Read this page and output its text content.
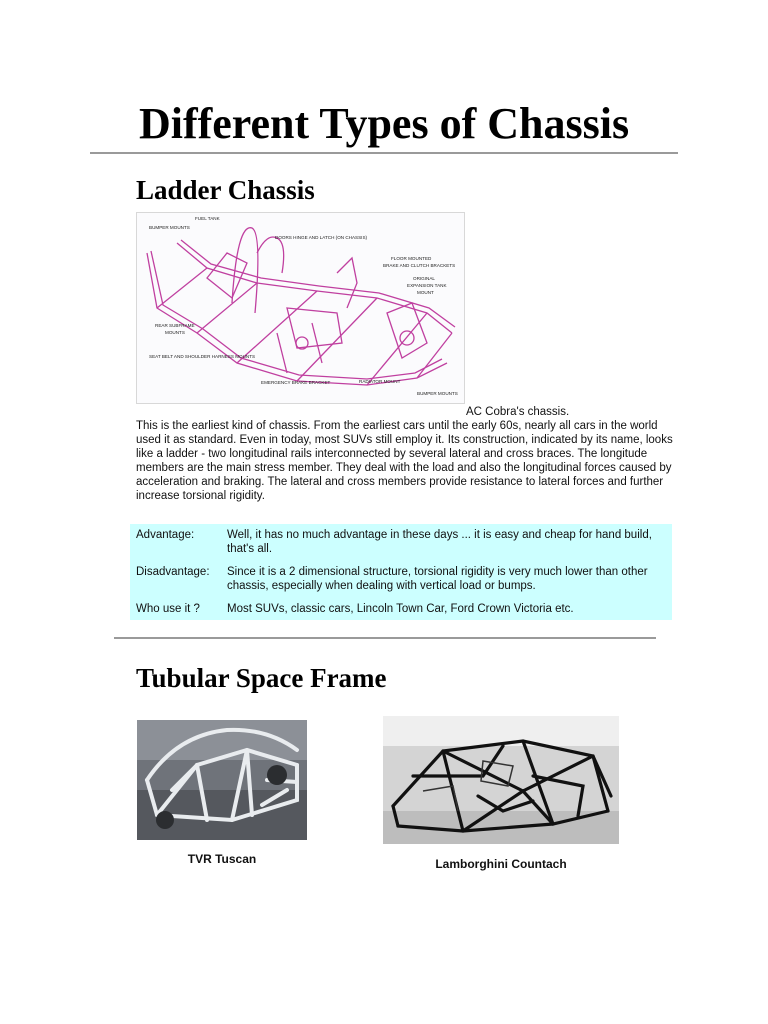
Different Types of Chassis
Ladder Chassis
FUEL TANK
BUMPER MOUNTS
DOORS HINGE AND LATCH (ON CHASSIS)
FLOOR MOUNTED
BRAKE AND CLUTCH BRACKETS
ORIGINAL
EXPANSION TANK
MOUNT
REAR SUBFRAME
MOUNTS
SEAT BELT AND SHOULDER HARNESS MOUNTS
EMERGENCY BRAKE BRACKET	RADIATOR MOUNT
BUMPER MOUNTS
AC Cobra's chassis.

This is the earliest kind of chassis. From the earliest cars until the early 60s, nearly all cars in the world used it as standard. Even in today, most SUVs still employ it. Its construction, indicated by its name, looks like a ladder - two longitudinal rails interconnected by several lateral and cross braces. The longitude members are the main stress member. They deal with the load and also the longitudinal forces caused by acceleration and braking. The lateral and cross members provide resistance to lateral forces and further increase torsional rigidity.

Advantage:	Well, it has no much advantage in these days ... it is easy and cheap for hand build, that's all.
Disadvantage:	Since it is a 2 dimensional structure, torsional rigidity is very much lower than other chassis, especially when dealing with vertical load or bumps.
Who use it ?	Most SUVs, classic cars, Lincoln Town Car, Ford Crown Victoria etc.
Tubular Space Frame
TVR Tuscan	Lamborghini Countach
